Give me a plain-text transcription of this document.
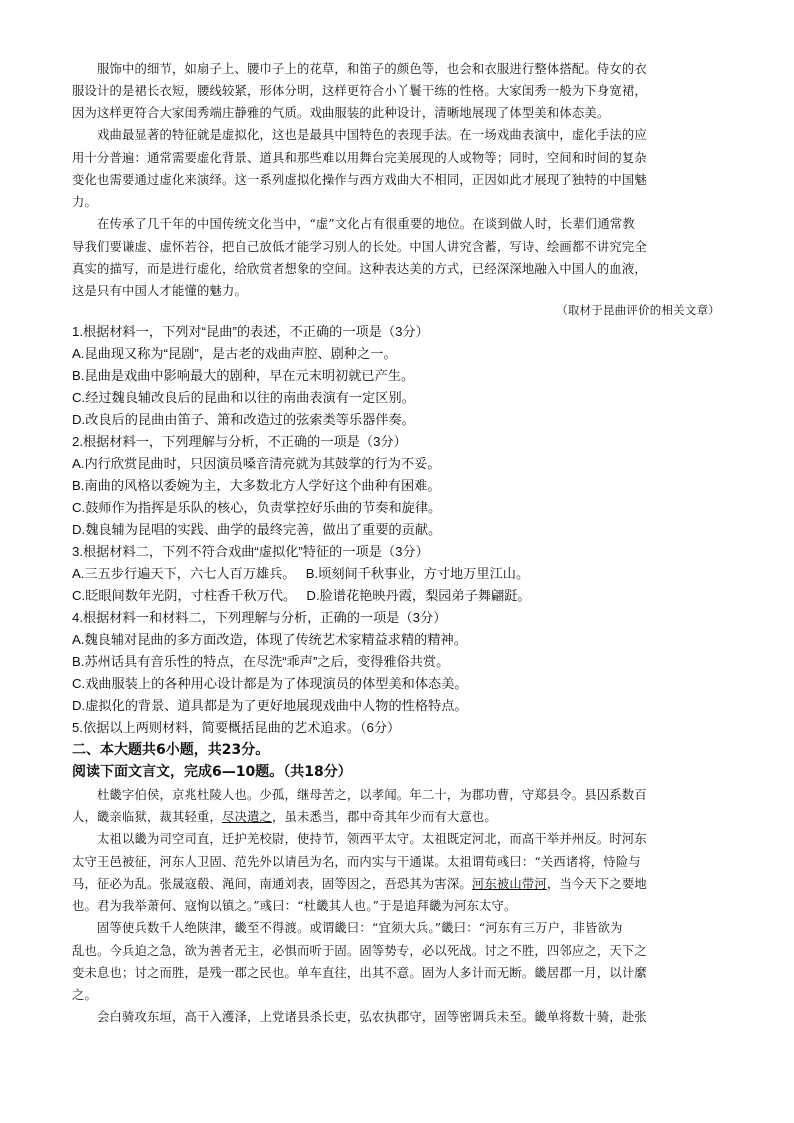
　　服饰中的细节，如扇子上、腰巾子上的花草，和笛子的颜色等，也会和衣服进行整体搭配。侍女的衣
服设计的是裙长衣短，腰线较紧，形体分明，这样更符合小丫鬟干练的性格。大家闺秀一般为下身宽裙，
因为这样更符合大家闺秀端庄静雅的气质。戏曲服装的此种设计，清晰地展现了体型美和体态美。
　　戏曲最显著的特征就是虚拟化，这也是最具中国特色的表现手法。在一场戏曲表演中，虚化手法的应
用十分普遍：通常需要虚化背景、道具和那些难以用舞台完美展现的人或物等；同时，空间和时间的复杂
变化也需要通过虚化来演绎。这一系列虚拟化操作与西方戏曲大不相同，正因如此才展现了独特的中国魅
力。
　　在传承了几千年的中国传统文化当中，“虚”文化占有很重要的地位。在谈到做人时，长辈们通常教
导我们要谦虚、虚怀若谷，把自己放低才能学习别人的长处。中国人讲究含蓄，写诗、绘画都不讲究完全
真实的描写，而是进行虚化，给欣赏者想象的空间。这种表达美的方式，已经深深地融入中国人的血液，
这是只有中国人才能懂的魅力。
（取材于昆曲评价的相关文章）
1.根据材料一，下列对“昆曲”的表述，不正确的一项是（3分）
A.昆曲现又称为“昆剧”，是古老的戏曲声腔、剧种之一。
B.昆曲是戏曲中影响最大的剧种，早在元末明初就已产生。
C.经过魏良辅改良后的昆曲和以往的南曲表演有一定区别。
D.改良后的昆曲由笛子、箫和改造过的弦索类等乐器伴奏。
2.根据材料一，下列理解与分析，不正确的一项是（3分）
A.内行欣赏昆曲时，只因演员嗓音清亮就为其鼓掌的行为不妥。
B.南曲的风格以委婉为主，大多数北方人学好这个曲种有困难。
C.鼓师作为指挥是乐队的核心，负责掌控好乐曲的节奏和旋律。
D.魏良辅为昆唱的实践、曲学的最终完善，做出了重要的贡献。
3.根据材料二，下列不符合戏曲“虚拟化”特征的一项是（3分）
A.三五步行遍天下，六七人百万雄兵。　 B.顷刻间千秋事业，方寸地万里江山。
C.眨眼间数年光阴，寸柱香千秋万代。　 D.脸谱花艳映丹霞，梨园弟子舞翩跹。
4.根据材料一和材料二，下列理解与分析，正确的一项是（3分）
A.魏良辅对昆曲的多方面改造，体现了传统艺术家精益求精的精神。
B.苏州话具有音乐性的特点，在尽洗“乖声”之后，变得雅俗共赏。
C.戏曲服装上的各种用心设计都是为了体现演员的体型美和体态美。
D.虚拟化的背景、道具都是为了更好地展现戏曲中人物的性格特点。
5.依据以上两则材料，简要概括昆曲的艺术追求。（6分）
二、本大题共6小题，共23分。
阅读下面文言文，完成6—10题。（共18分）
　　杜畿字伯侯，京兆杜陵人也。少孤，继母苦之，以孝闻。年二十，为郡功曹，守郑县令。县囚系数百
人，畿亲临狱，裁其轻重，尽决遣之，虽未悉当，郡中奇其年少而有大意也。
　　太祖以畿为司空司直，迁护羌校尉，使持节，领西平太守。太祖既定河北，而高干举并州反。时河东
太守王邑被征，河东人卫固、范先外以请邑为名，而内实与干通谋。太祖谓荀彧曰：“关西诸将，恃险与
马，征必为乱。张晟寇殽、渑间，南通刘表，固等因之，吾恐其为害深。河东被山带河，当今天下之要地
也。君为我举萧何、寇恂以镇之。”彧曰：“杜畿其人也。”于是追拜畿为河东太守。
　　固等使兵数千人绝陕津，畿至不得渡。或谓畿曰：“宜须大兵。”畿曰：“河东有三万户，非皆欲为
乱也。今兵迫之急，欲为善者无主，必惧而听于固。固等势专，必以死战。讨之不胜，四邻应之，天下之
变未息也；讨之而胜，是残一郡之民也。单车直往，出其不意。固为人多计而无断。畿居郡一月，以计縻
之。
　　会白骑攻东垣，高干入濩泽，上党诸县杀长吏，弘农执郡守，固等密调兵未至。畿单将数十骑，赴张
